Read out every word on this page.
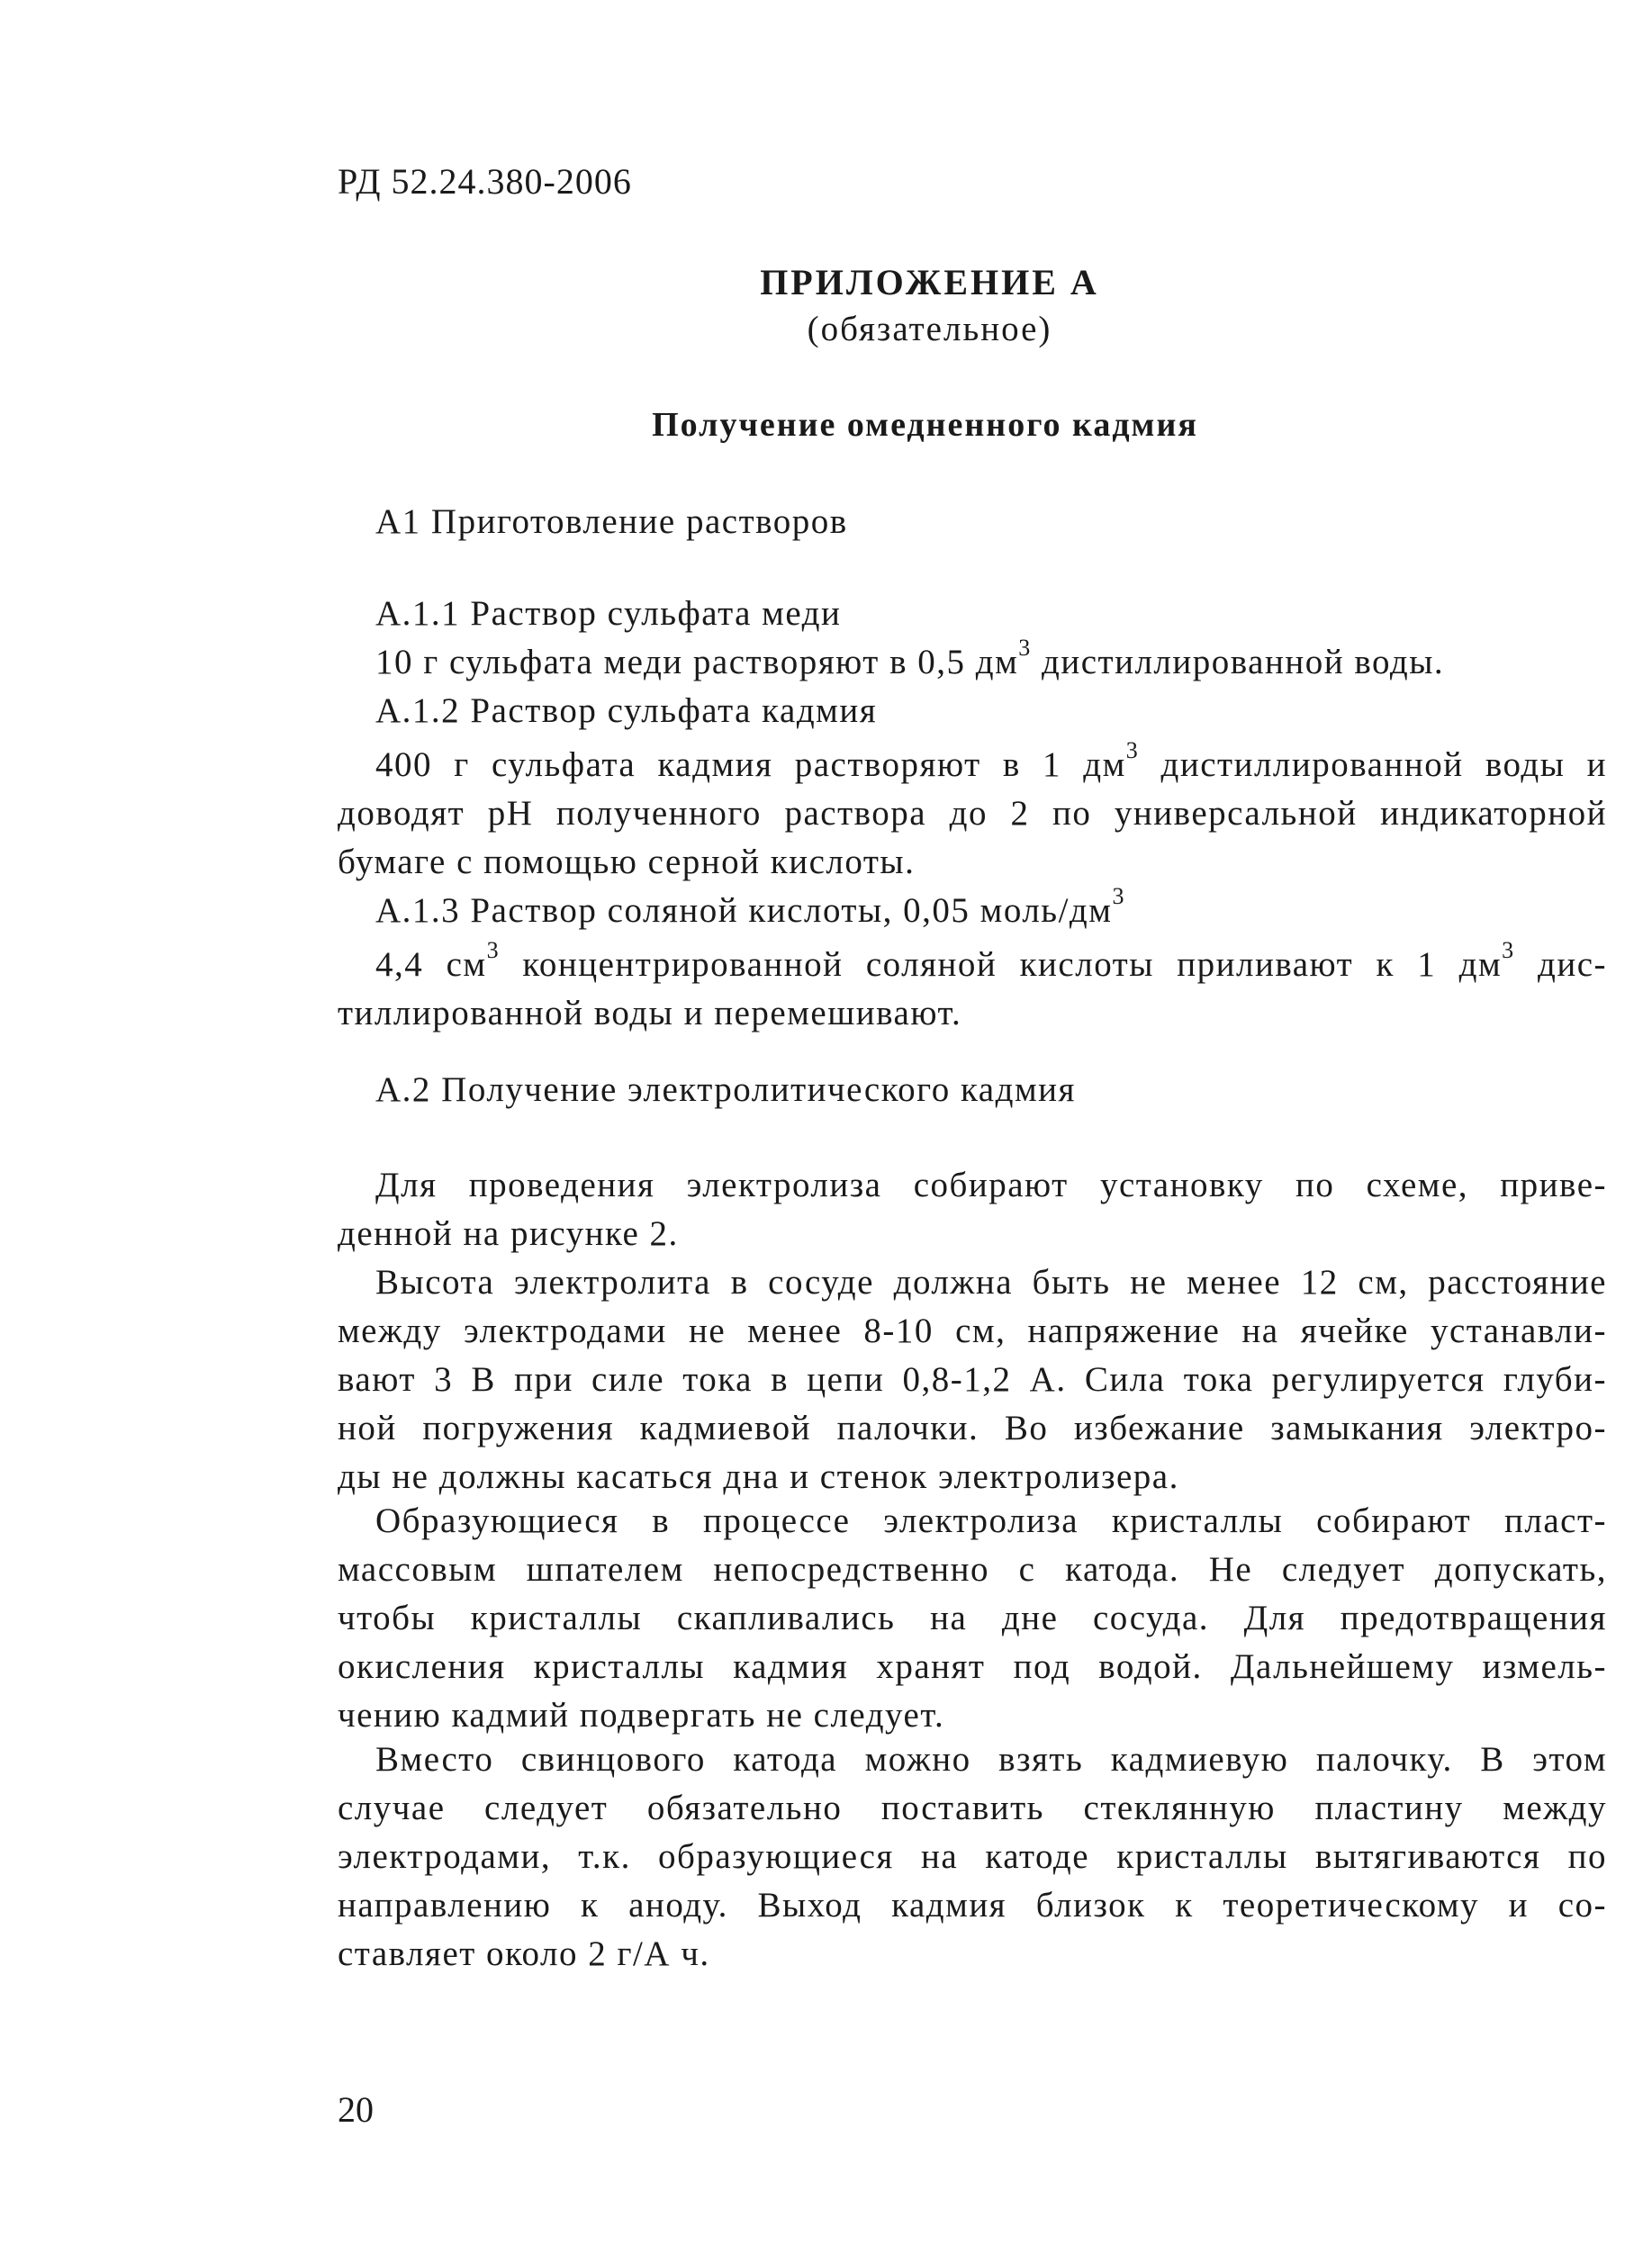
РД 52.24.380-2006
ПРИЛОЖЕНИЕ А
(обязательное)
Получение омедненного кадмия
А1 Приготовление растворов
А.1.1 Раствор сульфата меди
10 г сульфата меди растворяют в 0,5 $дм^3$ дистиллированной воды.
А.1.2 Раствор сульфата кадмия
400 г сульфата кадмия растворяют в 1 $дм^3$ дистиллированной воды и
доводят рН полученного раствора до 2 по универсальной индикаторной
бумаге с помощью серной кислоты.
А.1.3 Раствор соляной кислоты, 0,05 моль/$дм^3$
4,4 $см^3$ концентрированной соляной кислоты приливают к 1 $дм^3$ дис-
тиллированной воды и перемешивают.
А.2 Получение электролитического кадмия
Для проведения электролиза собирают установку по схеме, приве-
денной на рисунке 2.
Высота электролита в сосуде должна быть не менее 12 см, расстояние
между электродами не менее 8-10 см, напряжение на ячейке устанавли-
вают 3 В при силе тока в цепи 0,8-1,2 А. Сила тока регулируется глуби-
ной погружения кадмиевой палочки. Во избежание замыкания электро-
ды не должны касаться дна и стенок электролизера.
Образующиеся в процессе электролиза кристаллы собирают пласт-
массовым шпателем непосредственно с катода. Не следует допускать,
чтобы кристаллы скапливались на дне сосуда. Для предотвращения
окисления кристаллы кадмия хранят под водой. Дальнейшему измель-
чению кадмий подвергать не следует.
Вместо свинцового катода можно взять кадмиевую палочку. В этом
случае следует обязательно поставить стеклянную пластину между
электродами, т.к. образующиеся на катоде кристаллы вытягиваются по
направлению к аноду. Выход кадмия близок к теоретическому и со-
ставляет около 2 г/А ч.
20
